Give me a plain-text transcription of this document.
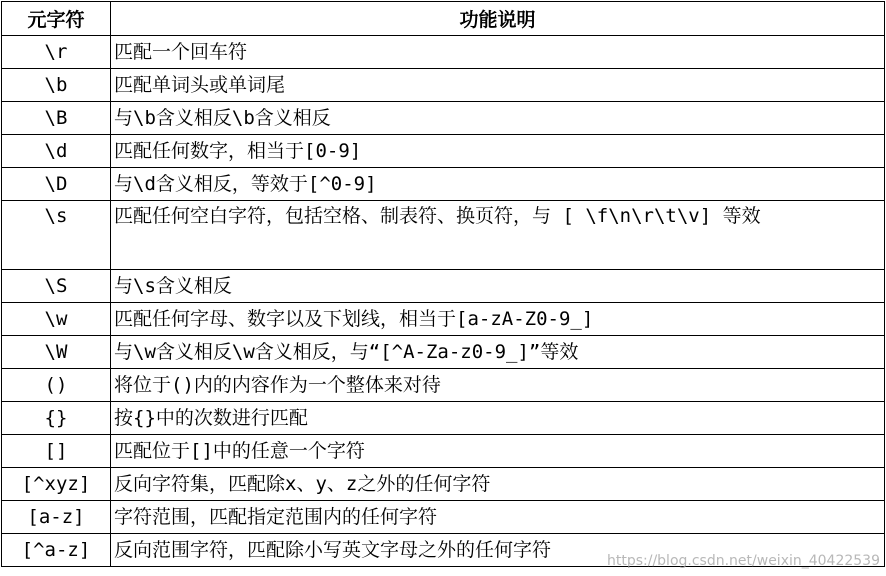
元字符	功能说明
\r	匹配一个回车符

\b	匹配单词头或单词尾

\B	与\b含义相反\b含义相反

\d	匹配任何数字，相当于[0-9]

\D	与\d含义相反，等效于[^0-9]

\s	匹配任何空白字符，包括空格、制表符、换页符，与 [ \f\n\r\t\v] 等效

\S	与\s含义相反

\w	匹配任何字母、数字以及下划线，相当于[a-zA-Z0-9_]

\W	与\w含义相反\w含义相反，与“[^A-Za-z0-9_]”等效

()	将位于()内的内容作为一个整体来对待

{}	按{}中的次数进行匹配

[]	匹配位于[]中的任意一个字符

[^xyz]	反向字符集，匹配除x、y、z之外的任何字符

[a-z]	字符范围，匹配指定范围内的任何字符

[^a-z]	反向范围字符，匹配除小写英文字母之外的任何字符
https://blog.csdn.net/weixin_40422539
